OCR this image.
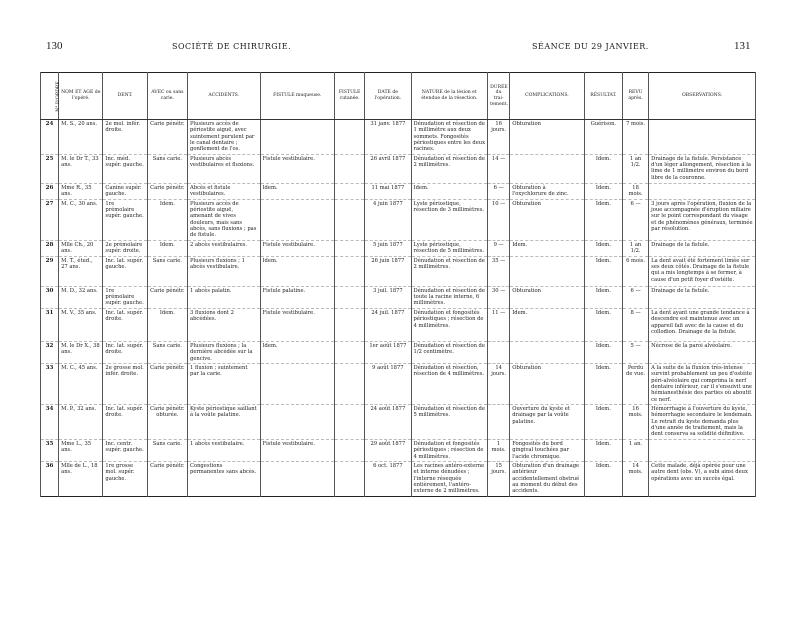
130	SOCIÉTÉ DE CHIRURGIE.	SÉANCE DU 29 JANVIER.	131
N° D'ORDRE.	NOM ET AGE de l'opéré.	DENT.	AVEC ou sans carie.	ACCIDENTS.	FISTULE muqueuse.	FISTULE cutanée.	DATE de l'opération.	NATURE de la lésion et étendue de la résection.	DURÉE du trai- tement.	COMPLICATIONS.	RÉSULTAT.	REVU après.	OBSERVATIONS.
24	M. S., 20 ans.	2e mol. infér. droite.	Carie pénétr.	Plusieurs accès de périostite aiguë, avec suintement purulent par le canal dentaire ; gonflement de l'os.			31 janv. 1877	Dénudation et résection de 1 millimètre aux deux sommets. Fongosités périostiques entre les deux racines.	16 jours.	Obturation	Guérison.	7 mois.	
25	M. le Dr T., 33 ans.	Inc. méd. supér. gauche.	Sans carie.	Plusieurs abcès vestibulaires et fluxions.	Fistule vestibulaire.		26 avril 1877	Dénudation et résection de 2 millimètres.	14 —		Idem.	1 an 1/2.	Drainage de la fistule. Persistance d'un léger allongement, résection à la lime de 1 millimètre environ du bord libre de la couronne.
26	Mme R., 35 ans.	Canine supér. gauche.	Carie pénétr.	Abcès et fistule vestibulaires.	Idem.		11 mai 1877	Idem.	6 —	Obturation à l'oxychlorure de zinc.	Idem.	18 mois.	
27	M. C., 30 ans.	1re prémolaire supér. gauche.	Idem.	Plusieurs accès de périostite aiguë, amenant de vives douleurs, mais sans abcès, sans fluxions ; pas de fistule.			4 juin 1877	Lyste périostique, résection de 3 millimètres.	10 —	Obturation	Idem.	6 —	3 jours après l'opération, fluxion de la joue accompagnée d'éruption miliaire sur le point correspondant du visage et de phénomènes généraux, terminée par résolution.
28	Mlle Ch., 20 ans.	2e prémolaire supér. droite.	Idem.	2 abcès vestibulaires.	Fistule vestibulaire.		5 juin 1877	Lyste périostique, résection de 5 millimètres.	9 —	Idem.	Idem.	1 an 1/2.	Drainage de la fistule.
29	M. T., étud., 27 ans.	Inc. lat. supér. gauche.	Sans carie.	Plusieurs fluxions ; 1 abcès vestibulaire.	Idem.		26 juin 1877	Dénudation et résection de 2 millimètres.	35 —		Idem.	6 mois.	La dent avait été fortement limée sur ses deux côtés. Drainage de la fistule qui a mis longtemps à se fermer, à cause d'un petit foyer d'ostéite.
30	M. D., 32 ans.	1re prémolaire supér. gauche.	Carie pénétr.	1 abcès palatin.	Fistule palatine.		3 juil. 1877	Dénudation et résection de toute la racine interne, 6 millimètres.	30 —	Obturation	Idem.	6 —	Drainage de la fistule.
31	M. V., 35 ans.	Inc. lat. supér. droite.	Idem.	3 fluxions dont 2 abcédées.	Fistule vestibulaire.		24 juil. 1877	Dénudation et fongosités périostiques ; résection de 4 millimètres.	11 —	Idem.	Idem.	8 —	La dent ayant une grande tendance à descendre est maintenue avec un appareil fait avec de la cause et du collodion. Drainage de la fistule.
32	M. le Dr X., 38 ans.	Inc. lat. supér. droite.	Sans carie.	Plusieurs fluxions ; la dernière abcédée sur la gencive.	Idem.		1er août 1877	Dénudation et résection de 1/2 centimètre.			Idem.	5 —	Nécrose de la paroi alvéolaire.
33	M. C., 45 ans.	2e grosse mol. infér. droite.	Carie pénétr.	1 fluxion ; suintement par la carie.			9 août 1877	Dénudation et résection, résection de 4 millimètres.	14 jours.	Obturation	Idem.	Perdu de vue.	A la suite de la fluxion très-intense survint probablement un peu d'ostéite péri-alvéolaire qui comprima le nerf dentaire inférieur, car il s'ensuivit une hémianesthésie des parties où aboutit ce nerf.
34	M. P., 32 ans.	Inc. lat. supér. droite.	Carie pénétr. obturée.	Kyste périostique saillant à la voûte palatine.			24 août 1877	Dénudation et résection de 5 millimètres.		Ouverture du kyste et drainage par la voûte palatine.	Idem.	16 mois.	Hémorrhagie à l'ouverture du kyste, hémorrhagie secondaire le lendemain. Le retrait du kyste demanda plus d'une année de traitement, mais la dent conserva sa solidité définitive.
35	Mme L., 35 ans.	Inc. centr. supér. gauche.	Sans carie.	1 abcès vestibulaire.	Fistule vestibulaire.		29 août 1877	Dénudation et fongosités périostiques ; résection de 4 millimètres.	1 mois.	Fongosités du bord gingival touchées par l'acide chromique.	Idem.	1 an.	
36	Mlle de L., 18 ans.	1re grosse mol. supér. gauche.	Carie pénétr.	Congestions permanentes sans abcès.			6 oct. 1877	Les racines antéro-externe et interne dénudées ; l'interne résequée entièrement, l'antéro-externe de 2 millimètres.	15 jours.	Obturation d'un drainage antérieur accidentellement obstrué au moment du début des accidents.	Idem.	14 mois.	Cette malade, déjà opérée pour une autre dent (obs. V), a subi ainsi deux opérations avec un succès égal.
